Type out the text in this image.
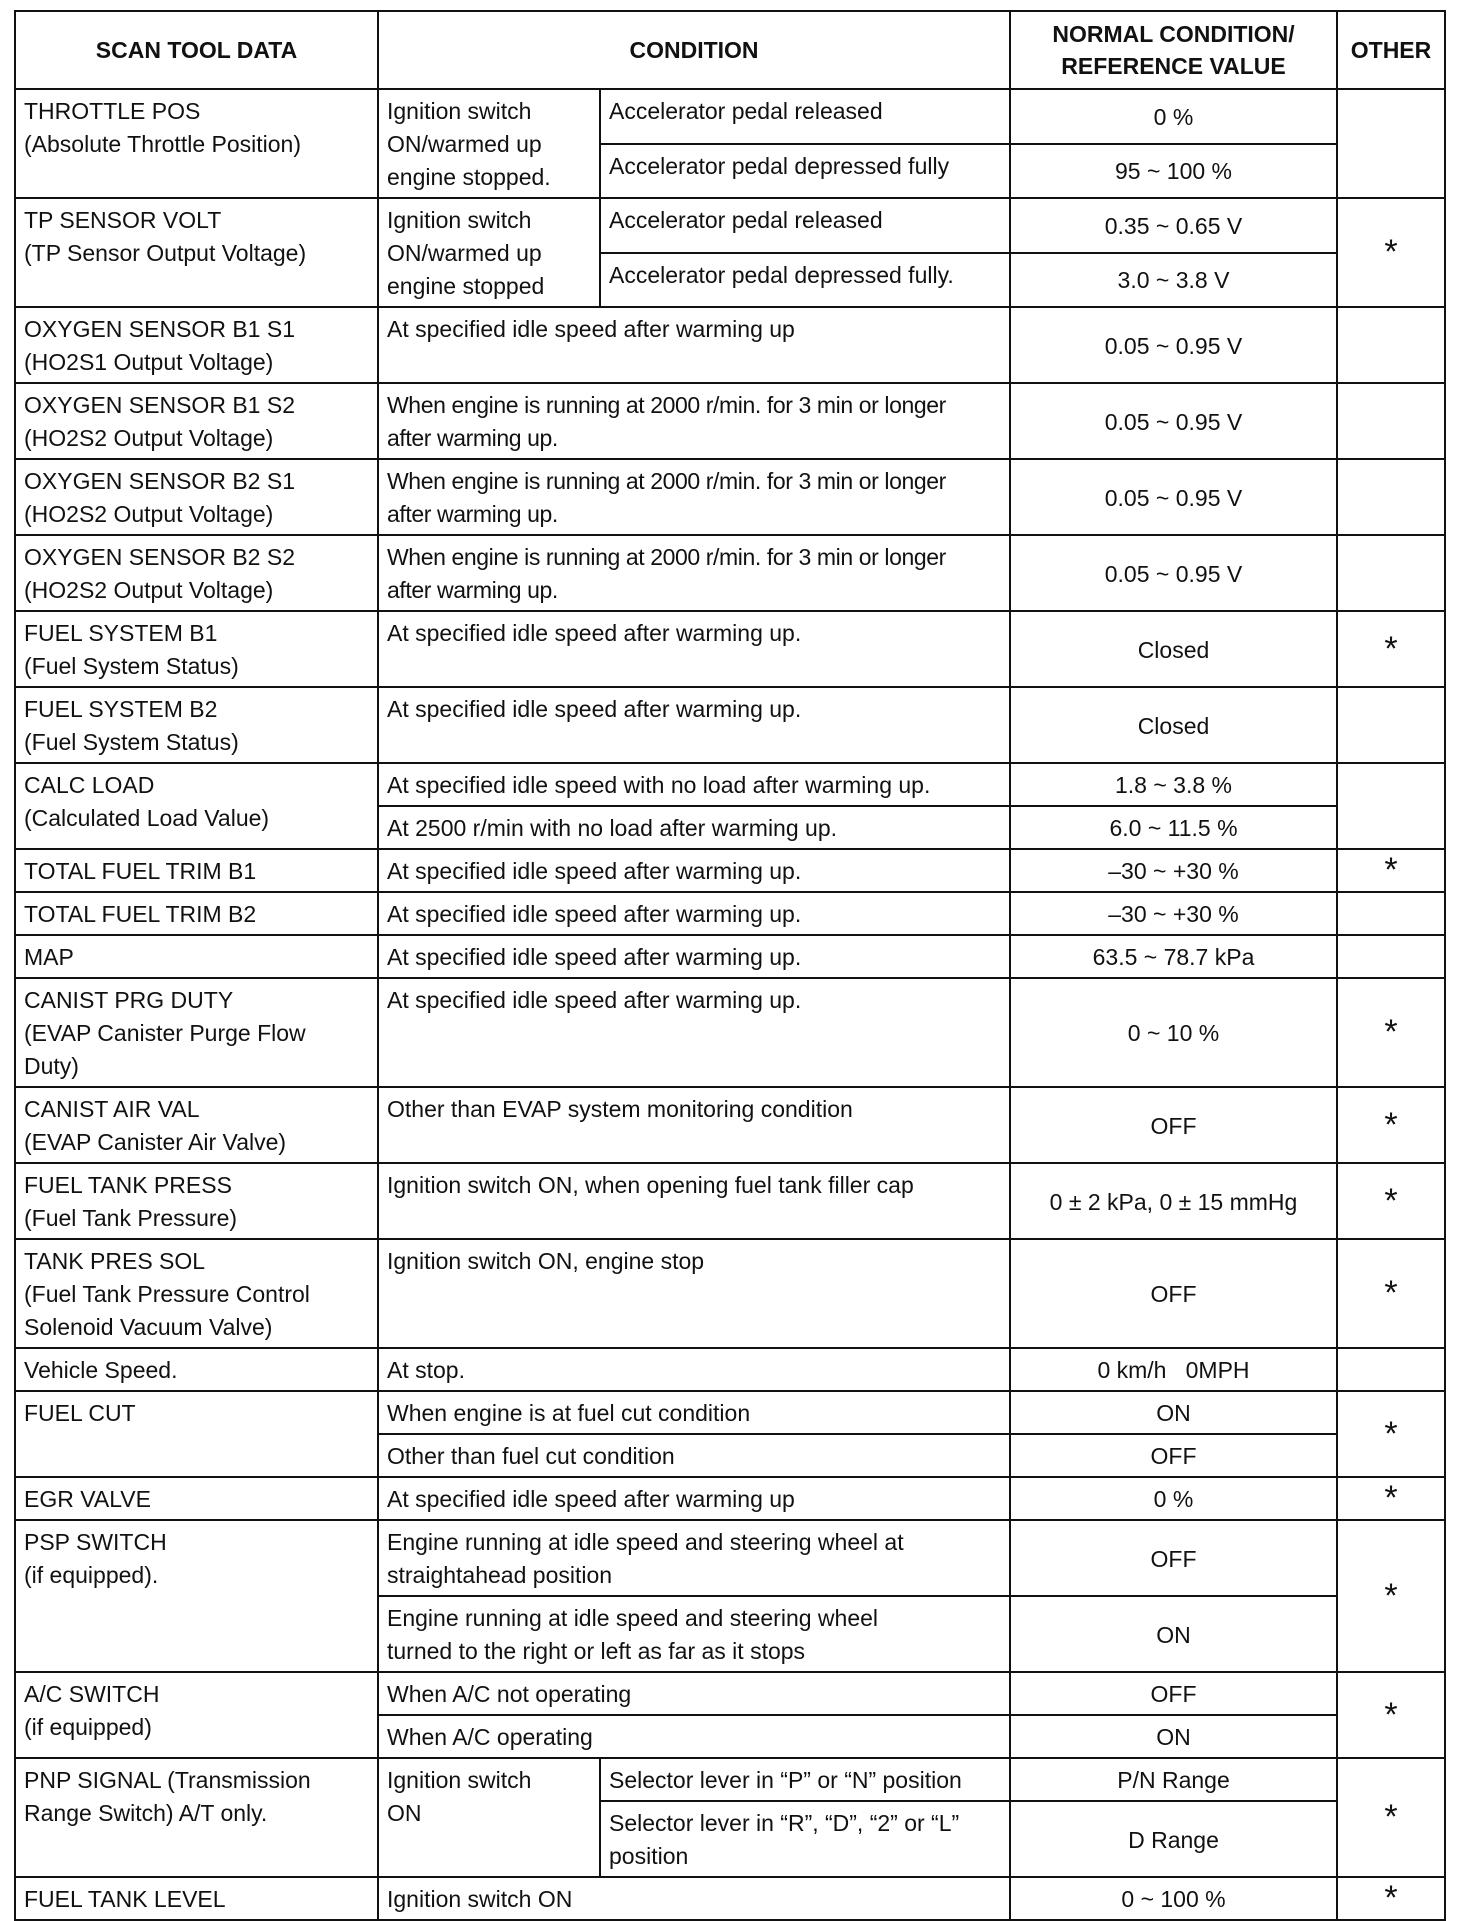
SCAN TOOL DATA	CONDITION		NORMAL CONDITION/
REFERENCE VALUE	OTHER

THROTTLE POS
(Absolute Throttle Position)	Ignition switch
ON/warmed up
engine stopped.	Accelerator pedal released	0 %	
		Accelerator pedal depressed fully	95 ~ 100 %	

TP SENSOR VOLT
(TP Sensor Output Voltage)	Ignition switch
ON/warmed up
engine stopped	Accelerator pedal released	0.35 ~ 0.65 V	*
		Accelerator pedal depressed fully.	3.0 ~ 3.8 V	

OXYGEN SENSOR B1 S1
(HO2S1 Output Voltage)	At specified idle speed after warming up		0.05 ~ 0.95 V	

OXYGEN SENSOR B1 S2
(HO2S2 Output Voltage)	When engine is running at 2000 r/min. for 3 min or longer
after warming up.		0.05 ~ 0.95 V	

OXYGEN SENSOR B2 S1
(HO2S2 Output Voltage)	When engine is running at 2000 r/min. for 3 min or longer
after warming up.		0.05 ~ 0.95 V	

OXYGEN SENSOR B2 S2
(HO2S2 Output Voltage)	When engine is running at 2000 r/min. for 3 min or longer
after warming up.		0.05 ~ 0.95 V	

FUEL SYSTEM B1
(Fuel System Status)	At specified idle speed after warming up.		Closed	*

FUEL SYSTEM B2
(Fuel System Status)	At specified idle speed after warming up.		Closed	

CALC LOAD
(Calculated Load Value)	At specified idle speed with no load after warming up.		1.8 ~ 3.8 %	
	At 2500 r/min with no load after warming up.		6.0 ~ 11.5 %	
TOTAL FUEL TRIM B1	At specified idle speed after warming up.		–30 ~ +30 %	*
TOTAL FUEL TRIM B2	At specified idle speed after warming up.		–30 ~ +30 %	
MAP	At specified idle speed after warming up.		63.5 ~ 78.7 kPa	

CANIST PRG DUTY
(EVAP Canister Purge Flow
Duty)	At specified idle speed after warming up.		0 ~ 10 %	*

CANIST AIR VAL
(EVAP Canister Air Valve)	Other than EVAP system monitoring condition		OFF	*

FUEL TANK PRESS
(Fuel Tank Pressure)	Ignition switch ON, when opening fuel tank filler cap		0 ± 2 kPa, 0 ± 15 mmHg	*

TANK PRES SOL
(Fuel Tank Pressure Control
Solenoid Vacuum Valve)	Ignition switch ON, engine stop		OFF	*
Vehicle Speed.	At stop.		0 km/h   0MPH	
FUEL CUT	When engine is at fuel cut condition		ON	*
	Other than fuel cut condition		OFF	
EGR VALVE	At specified idle speed after warming up		0 %	*

PSP SWITCH
(if equipped).	Engine running at idle speed and steering wheel at
straightahead position		OFF	*

	Engine running at idle speed and steering wheel
turned to the right or left as far as it stops		ON	

A/C SWITCH
(if equipped)	When A/C not operating		OFF	*
	When A/C operating		ON	

PNP SIGNAL (Transmission
Range Switch) A/T only.	Ignition switch
ON	Selector lever in “P” or “N” position	P/N Range	*

		Selector lever in “R”, “D”, “2” or “L”
position	D Range	
FUEL TANK LEVEL	Ignition switch ON		0 ~ 100 %	*
